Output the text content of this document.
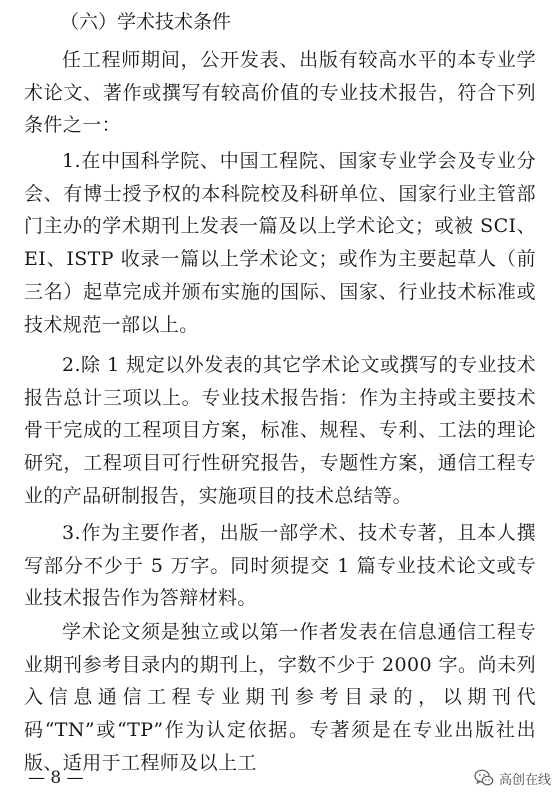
（六）学术技术条件

任工程师期间，公开发表、出版有较高水平的本专业学术论文、著作或撰写有较高价值的专业技术报告，符合下列条件之一：

1.在中国科学院、中国工程院、国家专业学会及专业分会、有博士授予权的本科院校及科研单位、国家行业主管部门主办的学术期刊上发表一篇及以上学术论文；或被 SCI、EI、ISTP 收录一篇以上学术论文；或作为主要起草人（前三名）起草完成并颁布实施的国际、国家、行业技术标准或技术规范一部以上。

2.除 1 规定以外发表的其它学术论文或撰写的专业技术报告总计三项以上。专业技术报告指：作为主持或主要技术骨干完成的工程项目方案，标准、规程、专利、工法的理论研究，工程项目可行性研究报告，专题性方案，通信工程专业的产品研制报告，实施项目的技术总结等。

3.作为主要作者，出版一部学术、技术专著，且本人撰写部分不少于 5 万字。同时须提交 1 篇专业技术论文或专业技术报告作为答辩材料。

学术论文须是独立或以第一作者发表在信息通信工程专业期刊参考目录内的期刊上，字数不少于 2000 字。尚未列入信息通信工程专业期刊参考目录的，以期刊代码“TN”或“TP”作为认定依据。专著须是在专业出版社出版、适用于工程师及以上工

— 8 —	高创在线
